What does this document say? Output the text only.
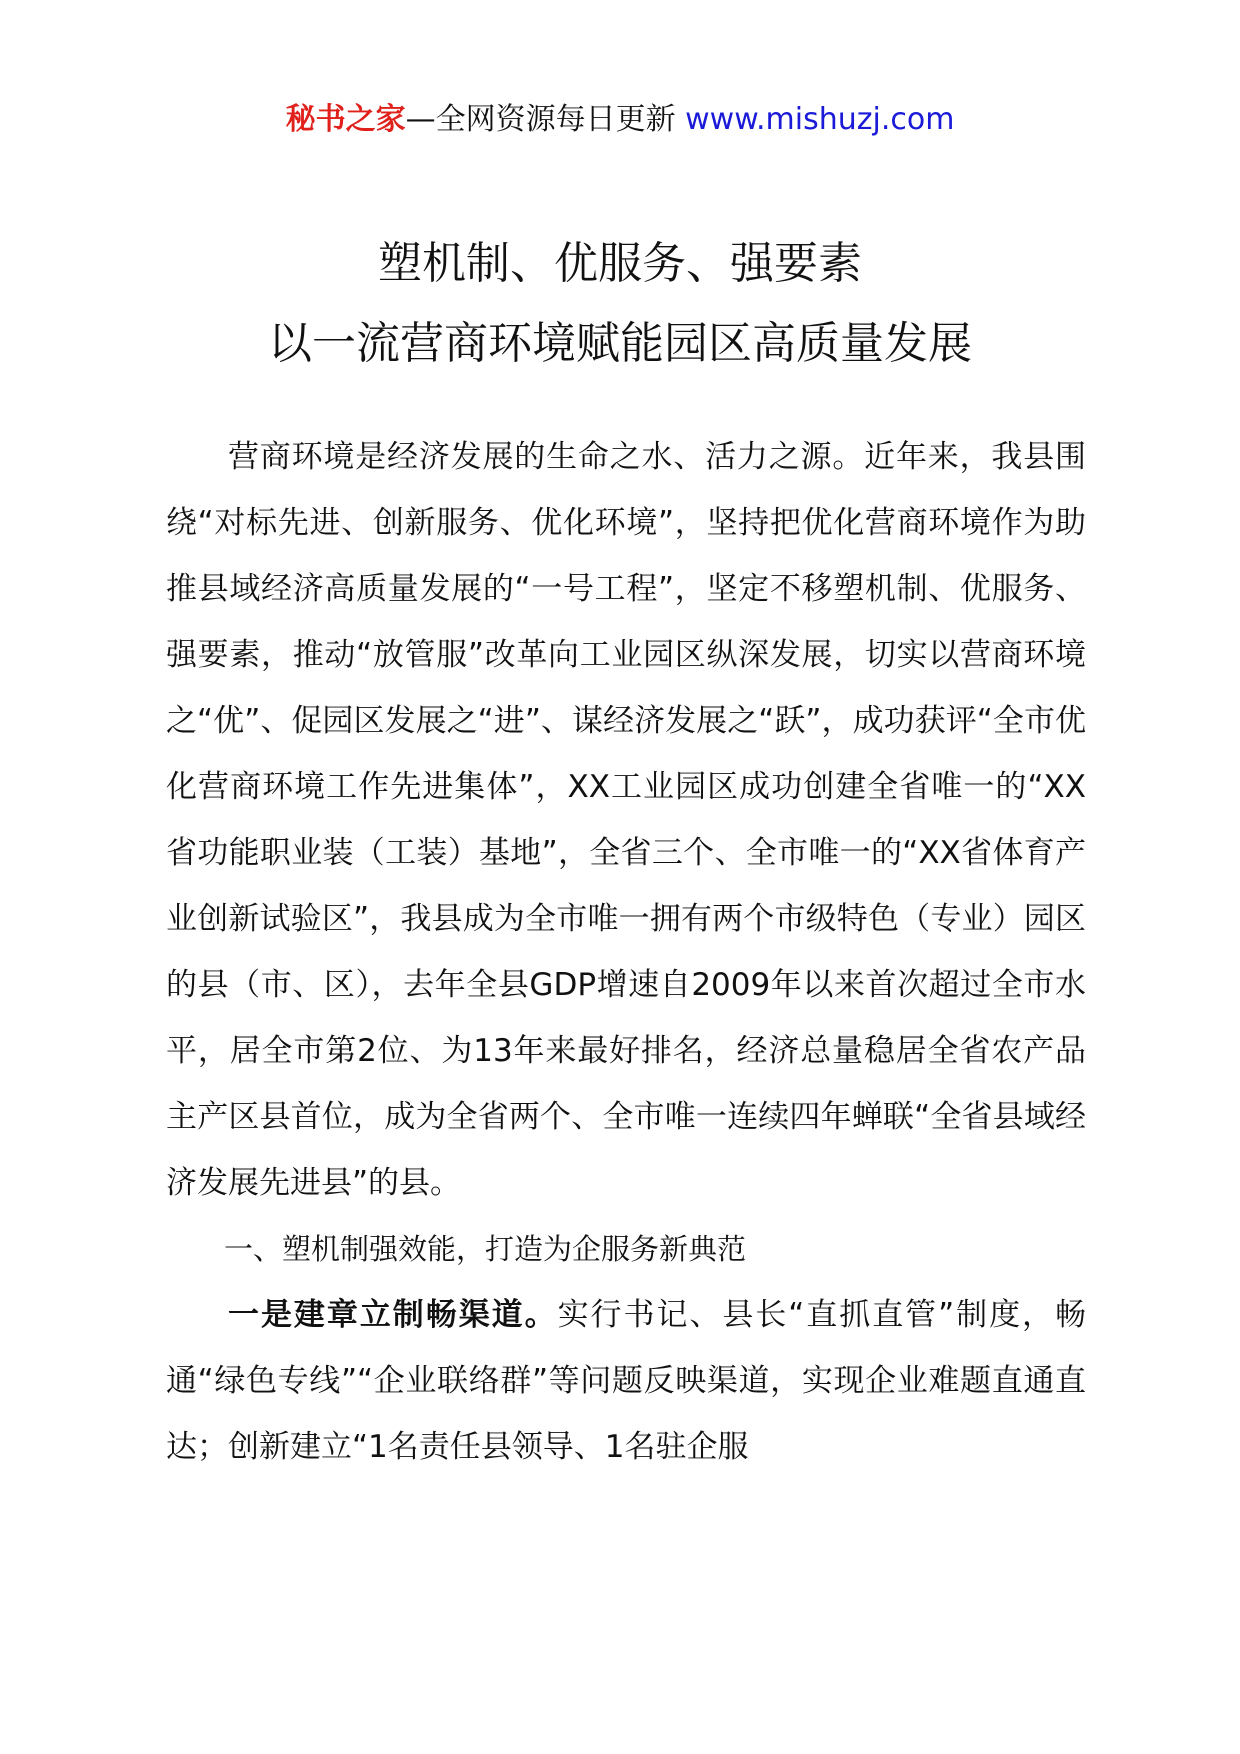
秘书之家—全网资源每日更新 www.mishuzj.com
塑机制、优服务、强要素
以一流营商环境赋能园区高质量发展

营商环境是经济发展的生命之水、活力之源。近年来，我县围绕“对标先进、创新服务、优化环境”，坚持把优化营商环境作为助推县域经济高质量发展的“一号工程”，坚定不移塑机制、优服务、强要素，推动“放管服”改革向工业园区纵深发展，切实以营商环境之“优”、促园区发展之“进”、谋经济发展之“跃”，成功获评“全市优化营商环境工作先进集体”，XX工业园区成功创建全省唯一的“XX省功能职业装（工装）基地”，全省三个、全市唯一的“XX省体育产业创新试验区”，我县成为全市唯一拥有两个市级特色（专业）园区的县（市、区），去年全县GDP增速自2009年以来首次超过全市水平，居全市第2位、为13年来最好排名，经济总量稳居全省农产品主产区县首位，成为全省两个、全市唯一连续四年蝉联“全省县域经济发展先进县”的县。

一、塑机制强效能，打造为企服务新典范

一是建章立制畅渠道。实行书记、县长“直抓直管”制度，畅通“绿色专线”“企业联络群”等问题反映渠道，实现企业难题直通直达；创新建立“1名责任县领导、1名驻企服
